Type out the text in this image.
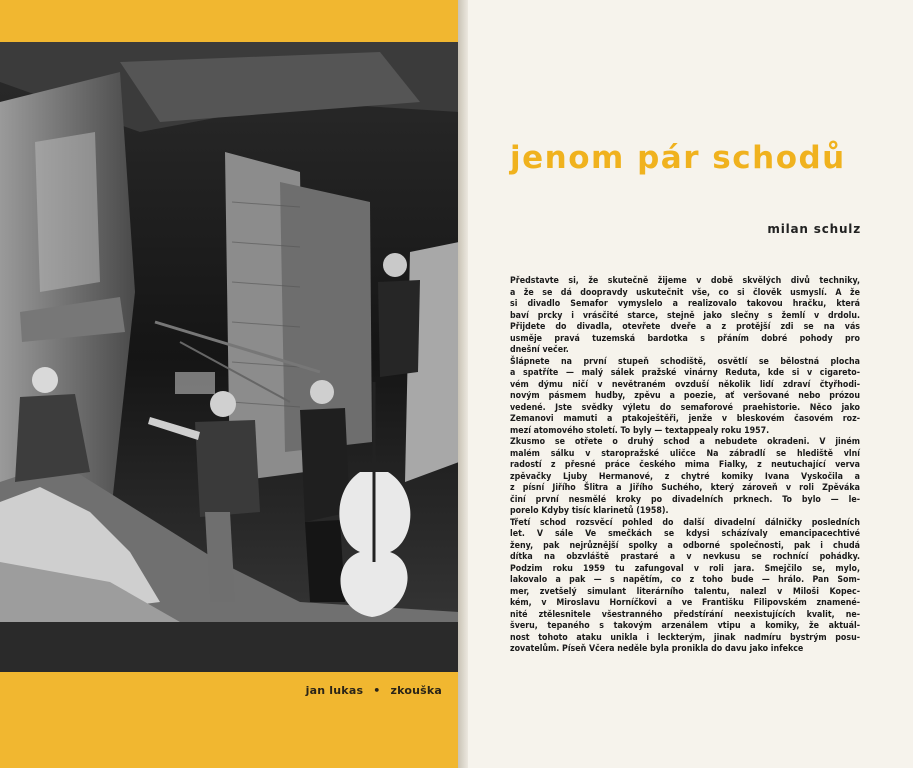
jan lukas • zkouška
jenom pár schodů
milan schulz
Představte si, že skutečně žijeme v době skvělých divů techniky,
a že se dá doopravdy uskutečnit vše, co si člověk usmyslí. A že
si divadlo Semafor vymyslelo a realizovalo takovou hračku, která
baví prcky i vrásčité starce, stejně jako slečny s žemlí v drdolu.
Přijdete do divadla, otevřete dveře a z protější zdi se na vás
usměje pravá tuzemská bardotka s přáním dobré pohody pro
dnešní večer.
Šlápnete na první stupeň schodiště, osvětlí se bělostná plocha
a spatříte — malý sálek pražské vinárny Reduta, kde si v cigareto-
vém dýmu ničí v nevětraném ovzduší několik lidí zdraví čtyřhodi-
novým pásmem hudby, zpěvu a poezie, ať veršované nebo prózou
vedené. Jste svědky výletu do semaforové praehistorie. Něco jako
Zemanovi mamuti a ptakoještěři, jenže v bleskovém časovém roz-
mezí atomového století. To byly — textappealy roku 1957.
Zkusmo se otřete o druhý schod a nebudete okradeni. V jiném
malém sálku v staropražské uličce Na zábradlí se hlediště vlní
radostí z přesné práce českého mima Fialky, z neutuchající verva
zpěvačky Ljuby Hermanové, z chytré komiky Ivana Vyskočila a
z písní Jiřího Šlitra a Jiřího Suchého, který zároveň v roli Zpěváka
činí první nesmělé kroky po divadelních prknech. To bylo — le-
porelo Kdyby tisíc klarinetů (1958).
Třetí schod rozsvěcí pohled do další divadelní dálničky posledních
let. V sále Ve smečkách se kdysi scházívaly emancipacechtivé
ženy, pak nejrůznější spolky a odborné společnosti, pak i chudá
dítka na obzvláště prastaré a v nevkusu se rochnící pohádky.
Podzim roku 1959 tu zafungoval v roli jara. Smejčilo se, mylo,
lakovalo a pak — s napětím, co z toho bude — hrálo. Pan Som-
mer, zvetšelý simulant literárního talentu, nalezl v Miloši Kopec-
kém, v Miroslavu Horníčkovi a ve Františku Filipovském znamené-
nité ztělesnitele všestranného předstírání neexistujících kvalit, ne-
šveru, tepaného s takovým arzenálem vtipu a komiky, že aktuál-
nost tohoto ataku unikla i leckterým, jinak nadmíru bystrým posu-
zovatelům. Píseň Včera neděle byla pronikla do davu jako infekce
